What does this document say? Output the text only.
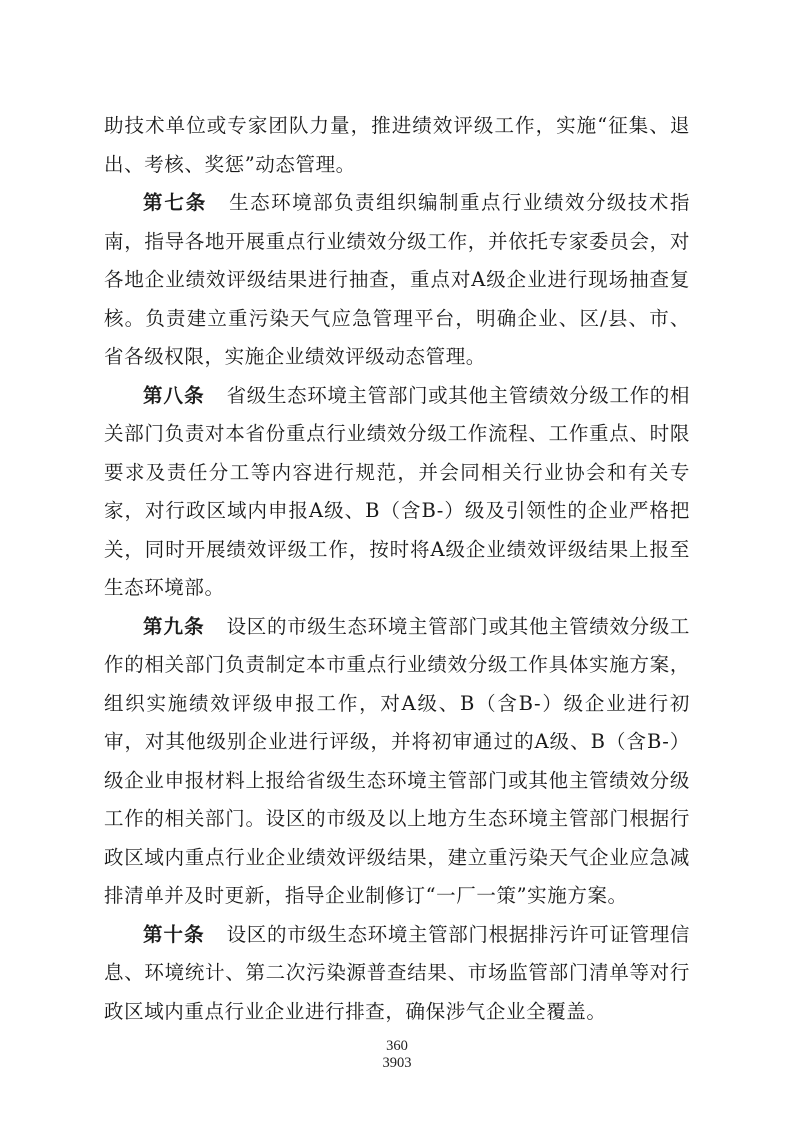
助技术单位或专家团队力量，推进绩效评级工作，实施“征集、退出、考核、奖惩”动态管理。

第七条 生态环境部负责组织编制重点行业绩效分级技术指南，指导各地开展重点行业绩效分级工作，并依托专家委员会，对各地企业绩效评级结果进行抽查，重点对A级企业进行现场抽查复核。负责建立重污染天气应急管理平台，明确企业、区/县、市、省各级权限，实施企业绩效评级动态管理。

第八条 省级生态环境主管部门或其他主管绩效分级工作的相关部门负责对本省份重点行业绩效分级工作流程、工作重点、时限要求及责任分工等内容进行规范，并会同相关行业协会和有关专家，对行政区域内申报A级、B（含B-）级及引领性的企业严格把关，同时开展绩效评级工作，按时将A级企业绩效评级结果上报至生态环境部。

第九条 设区的市级生态环境主管部门或其他主管绩效分级工作的相关部门负责制定本市重点行业绩效分级工作具体实施方案，组织实施绩效评级申报工作，对A级、B（含B-）级企业进行初审，对其他级别企业进行评级，并将初审通过的A级、B（含B-）级企业申报材料上报给省级生态环境主管部门或其他主管绩效分级工作的相关部门。设区的市级及以上地方生态环境主管部门根据行政区域内重点行业企业绩效评级结果，建立重污染天气企业应急减排清单并及时更新，指导企业制修订“一厂一策”实施方案。

第十条 设区的市级生态环境主管部门根据排污许可证管理信息、环境统计、第二次污染源普查结果、市场监管部门清单等对行政区域内重点行业企业进行排查，确保涉气企业全覆盖。

360
3903
